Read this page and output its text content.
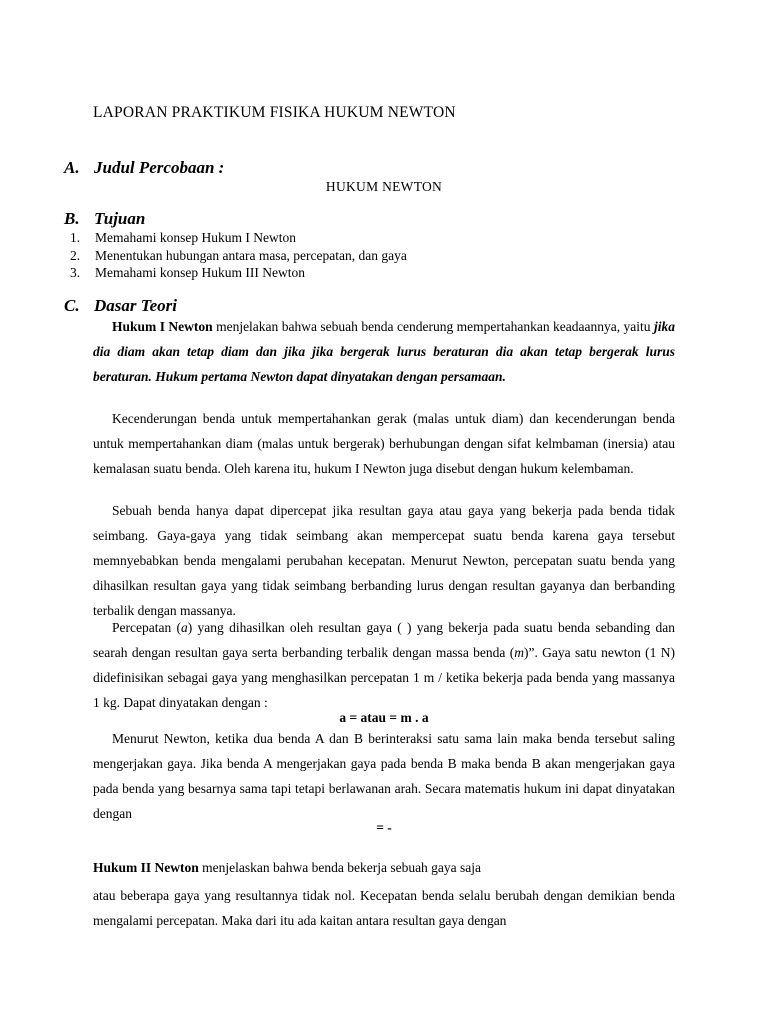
LAPORAN PRAKTIKUM FISIKA HUKUM NEWTON
A. Judul Percobaan :
HUKUM NEWTON
B. Tujuan
1. Memahami konsep Hukum I Newton
2. Menentukan hubungan antara masa, percepatan, dan gaya
3. Memahami konsep Hukum III Newton
C. Dasar Teori

Hukum I Newton menjelakan bahwa sebuah benda cenderung mempertahankan keadaannya, yaitu jika dia diam akan tetap diam dan jika jika bergerak lurus beraturan dia akan tetap bergerak lurus beraturan. Hukum pertama Newton dapat dinyatakan dengan persamaan.

Kecenderungan benda untuk mempertahankan gerak (malas untuk diam) dan kecenderungan benda untuk mempertahankan diam (malas untuk bergerak) berhubungan dengan sifat kelmbaman (inersia) atau kemalasan suatu benda. Oleh karena itu, hukum I Newton juga disebut dengan hukum kelembaman.

Sebuah benda hanya dapat dipercepat jika resultan gaya atau gaya yang bekerja pada benda tidak seimbang. Gaya-gaya yang tidak seimbang akan mempercepat suatu benda karena gaya tersebut memnyebabkan benda mengalami perubahan kecepatan. Menurut Newton, percepatan suatu benda yang dihasilkan resultan gaya yang tidak seimbang berbanding lurus dengan resultan gayanya dan berbanding terbalik dengan massanya.

Percepatan (a) yang dihasilkan oleh resultan gaya ( ) yang bekerja pada suatu benda sebanding dan searah dengan resultan gaya serta berbanding terbalik dengan massa benda (m)”. Gaya satu newton (1 N) didefinisikan sebagai gaya yang menghasilkan percepatan 1 m / ketika bekerja pada benda yang massanya 1 kg. Dapat dinyatakan dengan :

a = atau = m . a

Menurut Newton, ketika dua benda A dan B berinteraksi satu sama lain maka benda tersebut saling mengerjakan gaya. Jika benda A mengerjakan gaya pada benda B maka benda B akan mengerjakan gaya pada benda yang besarnya sama tapi tetapi berlawanan arah. Secara matematis hukum ini dapat dinyatakan dengan

= -
Hukum II Newton menjelaskan bahwa benda bekerja sebuah gaya saja

atau beberapa gaya yang resultannya tidak nol. Kecepatan benda selalu berubah dengan demikian benda mengalami percepatan. Maka dari itu ada kaitan antara resultan gaya dengan
